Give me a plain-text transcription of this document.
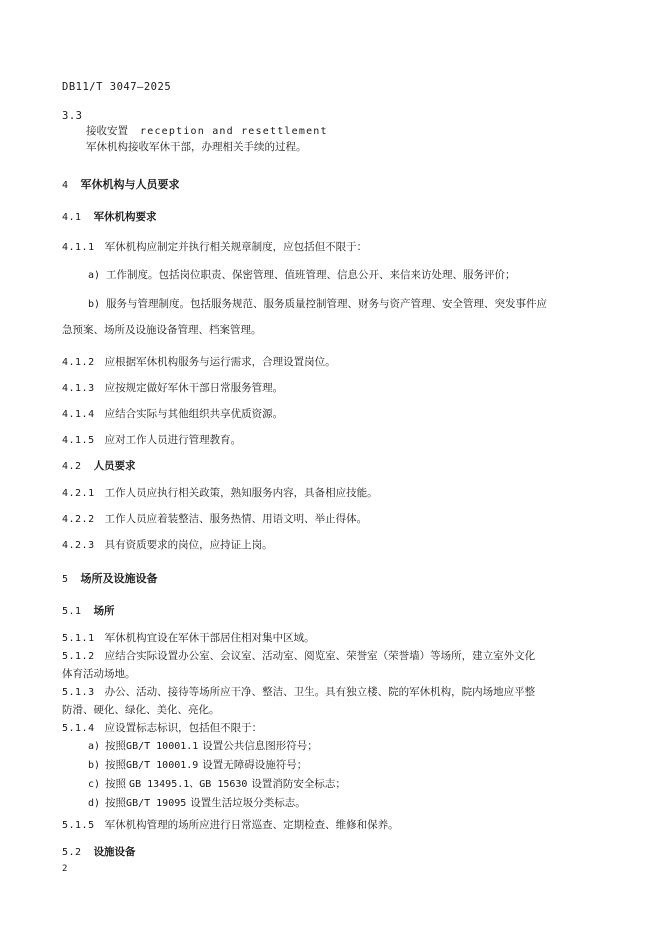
DB11/T 3047—2025
3.3
接收安置 reception and resettlement
军休机构接收军休干部，办理相关手续的过程。
4 军休机构与人员要求
4.1 军休机构要求
4.1.1 军休机构应制定并执行相关规章制度，应包括但不限于：
a) 工作制度。包括岗位职责、保密管理、值班管理、信息公开、来信来访处理、服务评价；
b) 服务与管理制度。包括服务规范、服务质量控制管理、财务与资产管理、安全管理、突发事件应
急预案、场所及设施设备管理、档案管理。
4.1.2 应根据军休机构服务与运行需求，合理设置岗位。
4.1.3 应按规定做好军休干部日常服务管理。
4.1.4 应结合实际与其他组织共享优质资源。
4.1.5 应对工作人员进行管理教育。
4.2 人员要求
4.2.1 工作人员应执行相关政策，熟知服务内容，具备相应技能。
4.2.2 工作人员应着装整洁、服务热情、用语文明、举止得体。
4.2.3 具有资质要求的岗位，应持证上岗。
5 场所及设施设备
5.1 场所
5.1.1 军休机构宜设在军休干部居住相对集中区域。
5.1.2 应结合实际设置办公室、会议室、活动室、阅览室、荣誉室（荣誉墙）等场所，建立室外文化
体育活动场地。
5.1.3 办公、活动、接待等场所应干净、整洁、卫生。具有独立楼、院的军休机构，院内场地应平整
防滑、硬化、绿化、美化、亮化。
5.1.4 应设置标志标识，包括但不限于：
a) 按照GB/T 10001.1 设置公共信息图形符号；
b) 按照GB/T 10001.9 设置无障碍设施符号；
c) 按照 GB 13495.1、GB 15630 设置消防安全标志；
d) 按照GB/T 19095 设置生活垃圾分类标志。
5.1.5 军休机构管理的场所应进行日常巡查、定期检查、维修和保养。
5.2 设施设备
2
